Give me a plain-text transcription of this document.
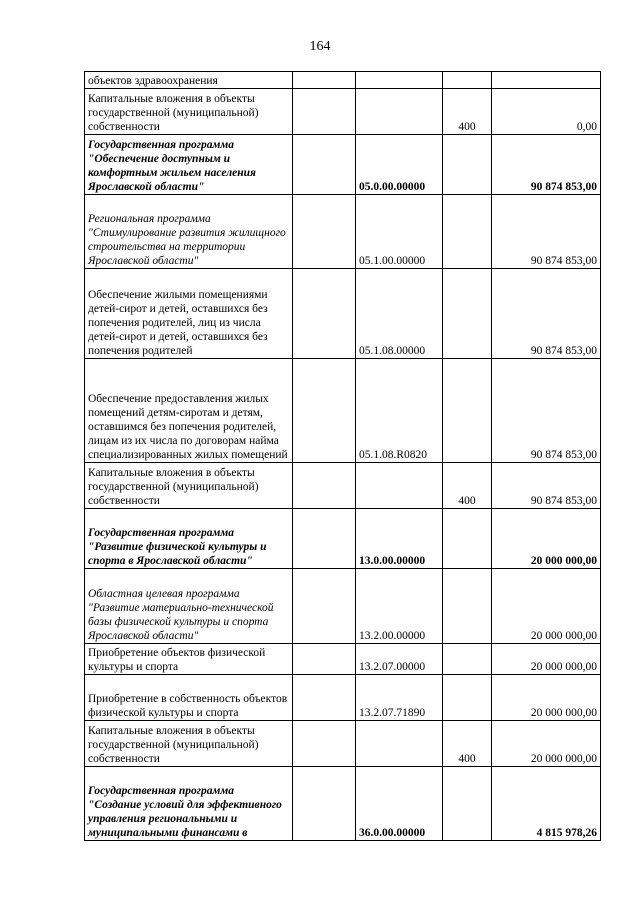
164
объектов здравоохранения				
Капитальные вложения в объекты государственной (муниципальной) собственности			400	0,00
Государственная программа "Обеспечение доступным и комфортным жильем населения Ярославской области"		05.0.00.00000		90 874 853,00
Региональная программа "Стимулирование развития жилищного строительства на территории Ярославской области"		05.1.00.00000		90 874 853,00
Обеспечение жилыми помещениями детей-сирот и детей, оставшихся без попечения родителей, лиц из числа детей-сирот и детей, оставшихся без попечения родителей		05.1.08.00000		90 874 853,00
Обеспечение предоставления жилых помещений детям-сиротам и детям, оставшимся без попечения родителей, лицам из их числа по договорам найма специализированных жилых помещений		05.1.08.R0820		90 874 853,00
Капитальные вложения в объекты государственной (муниципальной) собственности			400	90 874 853,00
Государственная программа "Развитие физической культуры и спорта в Ярославской области"		13.0.00.00000		20 000 000,00
Областная целевая программа "Развитие материально-технической базы физической культуры и спорта Ярославской области"		13.2.00.00000		20 000 000,00
Приобретение объектов физической культуры и спорта		13.2.07.00000		20 000 000,00
Приобретение в собственность объектов физической культуры и спорта		13.2.07.71890		20 000 000,00
Капитальные вложения в объекты государственной (муниципальной) собственности			400	20 000 000,00
Государственная программа "Создание условий для эффективного управления региональными и муниципальными финансами в		36.0.00.00000		4 815 978,26
